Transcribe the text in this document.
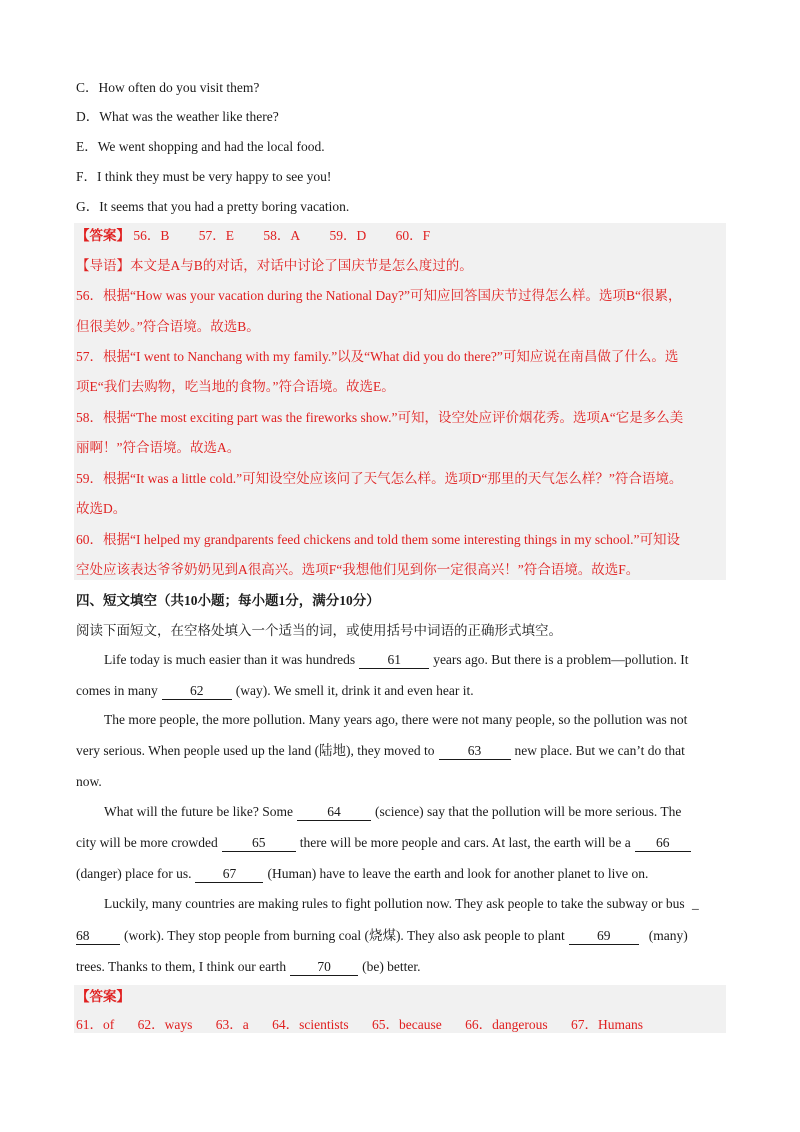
C．How often do you visit them?
D．What was the weather like there?
E．We went shopping and had the local food.
F．I think they must be very happy to see you!
G．It seems that you had a pretty boring vacation.
【答案】 56．B 57．E 58．A 59．D 60．F
【导语】本文是A与B的对话，对话中讨论了国庆节是怎么度过的。
56．根据“How was your vacation during the National Day?”可知应回答国庆节过得怎么样。选项B“很累，
但很美妙。”符合语境。故选B。
57．根据“I went to Nanchang with my family.”以及“What did you do there?”可知应说在南昌做了什么。选
项E“我们去购物，吃当地的食物。”符合语境。故选E。
58．根据“The most exciting part was the fireworks show.”可知，设空处应评价烟花秀。选项A“它是多么美
丽啊！”符合语境。故选A。
59．根据“It was a little cold.”可知设空处应该问了天气怎么样。选项D“那里的天气怎么样？”符合语境。
故选D。
60．根据“I helped my grandparents feed chickens and told them some interesting things in my school.”可知设
空处应该表达爷爷奶奶见到A很高兴。选项F“我想他们见到你一定很高兴！”符合语境。故选F。
四、短文填空（共10小题；每小题1分，满分10分）
阅读下面短文，在空格处填入一个适当的词，或使用括号中词语的正确形式填空。
Life today is much easier than it was hundreds 61 years ago. But there is a problem—pollution. It
comes in many 62 (way). We smell it, drink it and even hear it.
The more people, the more pollution. Many years ago, there were not many people, so the pollution was not
very serious. When people used up the land (陆地), they moved to 63 new place. But we can’t do that
now.
What will the future be like? Some	64	(science) say that the pollution will be more serious. The
city will be more crowded	65	there will be more people and cars. At last, the earth will be a 66
(danger) place for us. 67 (Human) have to leave the earth and look for another planet to live on.
Luckily, many countries are making rules to fight pollution now. They ask people to take the subway or bus _
68	(work). They stop people from burning coal (烧煤). They also ask people to plant 69	(many)
trees. Thanks to them, I think our earth 70 (be) better.
【答案】
61．of 62．ways 63．a 64．scientists 65．because 66．dangerous 67．Humans
